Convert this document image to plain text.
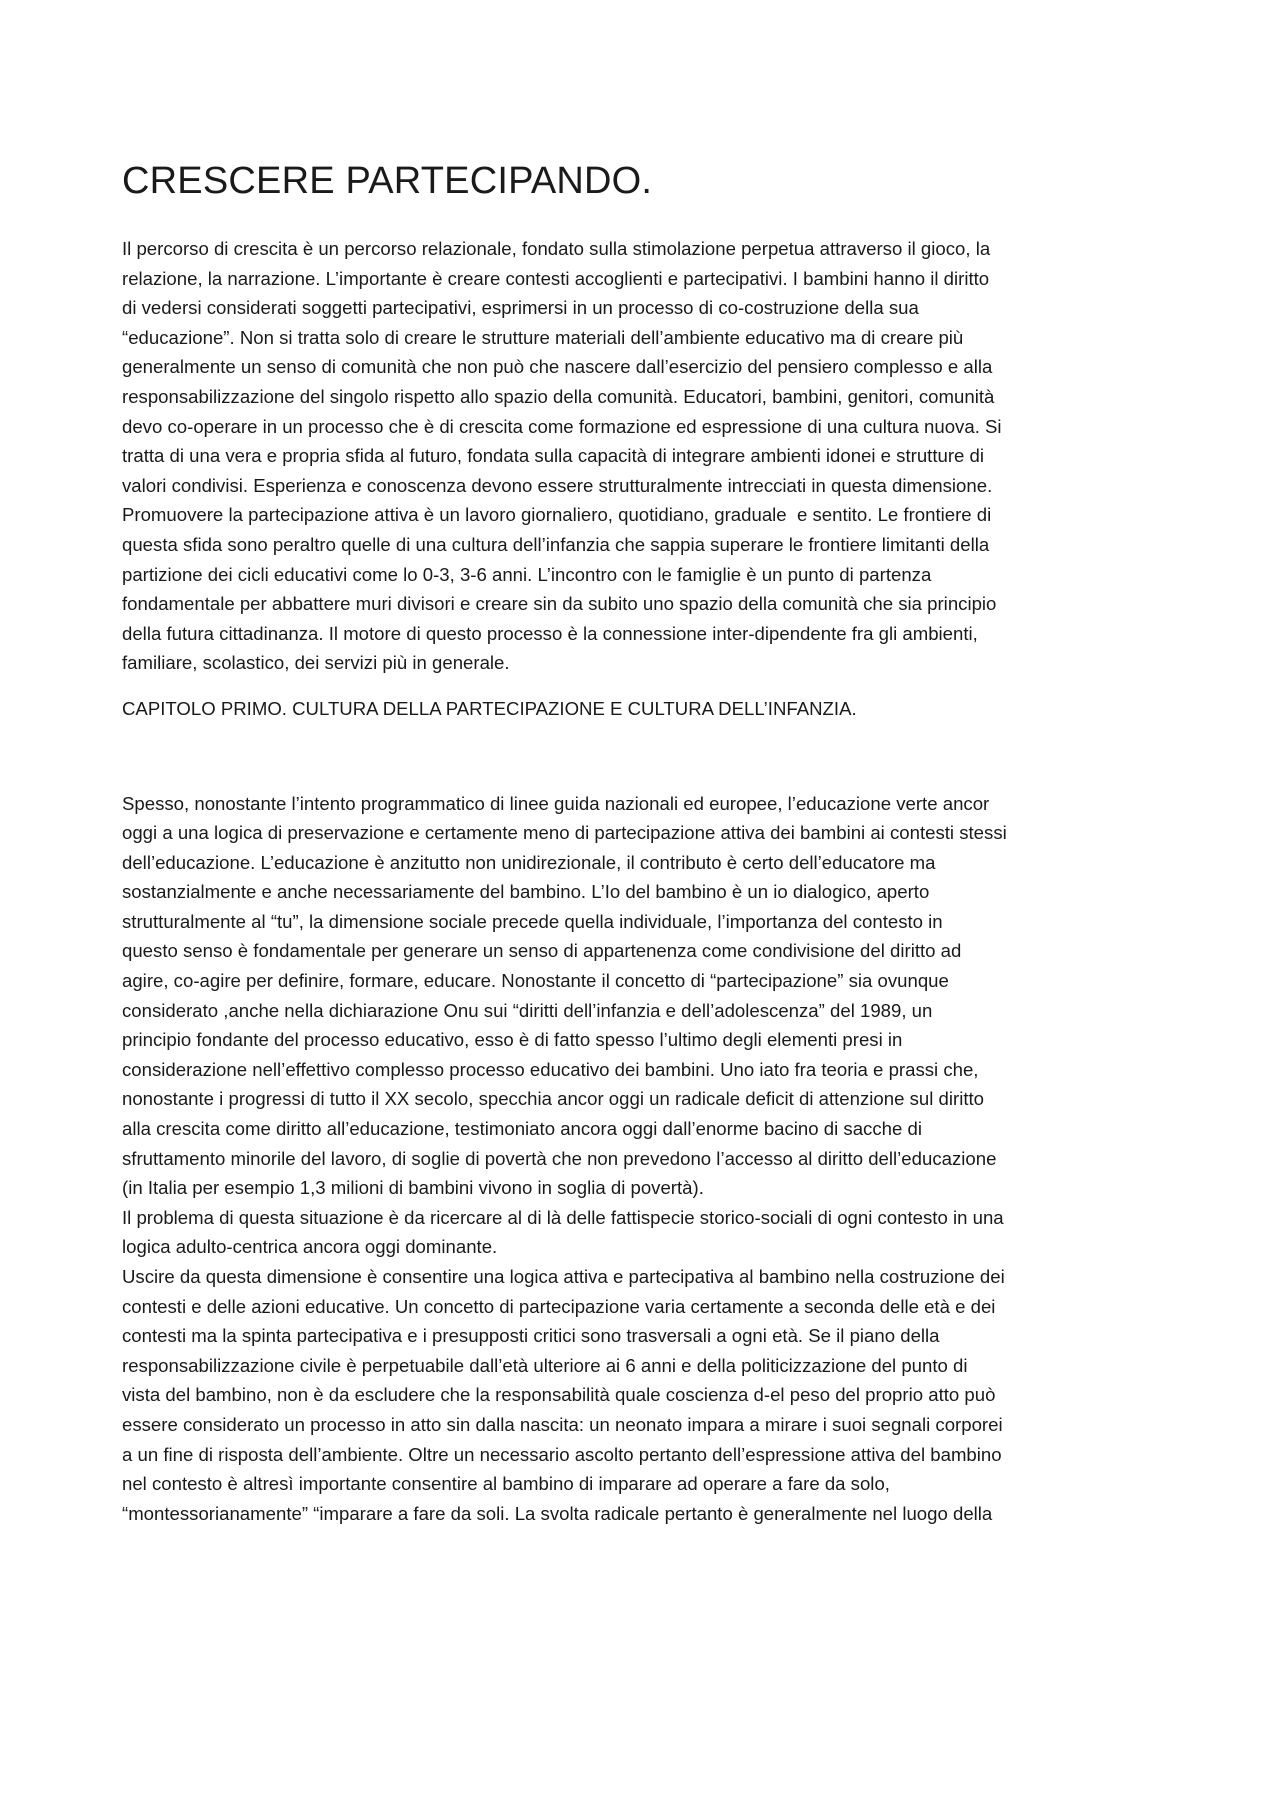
CRESCERE PARTECIPANDO.

Il percorso di crescita è un percorso relazionale, fondato sulla stimolazione perpetua attraverso il gioco, la
relazione, la narrazione. L’importante è creare contesti accoglienti e partecipativi. I bambini hanno il diritto
di vedersi considerati soggetti partecipativi, esprimersi in un processo di co-costruzione della sua
“educazione”. Non si tratta solo di creare le strutture materiali dell’ambiente educativo ma di creare più
generalmente un senso di comunità che non può che nascere dall’esercizio del pensiero complesso e alla
responsabilizzazione del singolo rispetto allo spazio della comunità. Educatori, bambini, genitori, comunità
devo co-operare in un processo che è di crescita come formazione ed espressione di una cultura nuova. Si
tratta di una vera e propria sfida al futuro, fondata sulla capacità di integrare ambienti idonei e strutture di
valori condivisi. Esperienza e conoscenza devono essere strutturalmente intrecciati in questa dimensione.
Promuovere la partecipazione attiva è un lavoro giornaliero, quotidiano, graduale  e sentito. Le frontiere di
questa sfida sono peraltro quelle di una cultura dell’infanzia che sappia superare le frontiere limitanti della
partizione dei cicli educativi come lo 0-3, 3-6 anni. L’incontro con le famiglie è un punto di partenza
fondamentale per abbattere muri divisori e creare sin da subito uno spazio della comunità che sia principio
della futura cittadinanza. Il motore di questo processo è la connessione inter-dipendente fra gli ambienti,
familiare, scolastico, dei servizi più in generale.

CAPITOLO PRIMO. CULTURA DELLA PARTECIPAZIONE E CULTURA DELL’INFANZIA.

Spesso, nonostante l’intento programmatico di linee guida nazionali ed europee, l’educazione verte ancor
oggi a una logica di preservazione e certamente meno di partecipazione attiva dei bambini ai contesti stessi
dell’educazione. L’educazione è anzitutto non unidirezionale, il contributo è certo dell’educatore ma
sostanzialmente e anche necessariamente del bambino. L’Io del bambino è un io dialogico, aperto
strutturalmente al “tu”, la dimensione sociale precede quella individuale, l’importanza del contesto in
questo senso è fondamentale per generare un senso di appartenenza come condivisione del diritto ad
agire, co-agire per definire, formare, educare. Nonostante il concetto di “partecipazione” sia ovunque
considerato ,anche nella dichiarazione Onu sui “diritti dell’infanzia e dell’adolescenza” del 1989, un
principio fondante del processo educativo, esso è di fatto spesso l’ultimo degli elementi presi in
considerazione nell’effettivo complesso processo educativo dei bambini. Uno iato fra teoria e prassi che,
nonostante i progressi di tutto il XX secolo, specchia ancor oggi un radicale deficit di attenzione sul diritto
alla crescita come diritto all’educazione, testimoniato ancora oggi dall’enorme bacino di sacche di
sfruttamento minorile del lavoro, di soglie di povertà che non prevedono l’accesso al diritto dell’educazione
(in Italia per esempio 1,3 milioni di bambini vivono in soglia di povertà).
Il problema di questa situazione è da ricercare al di là delle fattispecie storico-sociali di ogni contesto in una
logica adulto-centrica ancora oggi dominante.
Uscire da questa dimensione è consentire una logica attiva e partecipativa al bambino nella costruzione dei
contesti e delle azioni educative. Un concetto di partecipazione varia certamente a seconda delle età e dei
contesti ma la spinta partecipativa e i presupposti critici sono trasversali a ogni età. Se il piano della
responsabilizzazione civile è perpetuabile dall’età ulteriore ai 6 anni e della politicizzazione del punto di
vista del bambino, non è da escludere che la responsabilità quale coscienza d-el peso del proprio atto può
essere considerato un processo in atto sin dalla nascita: un neonato impara a mirare i suoi segnali corporei
a un fine di risposta dell’ambiente. Oltre un necessario ascolto pertanto dell’espressione attiva del bambino
nel contesto è altresì importante consentire al bambino di imparare ad operare a fare da solo,
“montessorianamente” “imparare a fare da soli. La svolta radicale pertanto è generalmente nel luogo della
